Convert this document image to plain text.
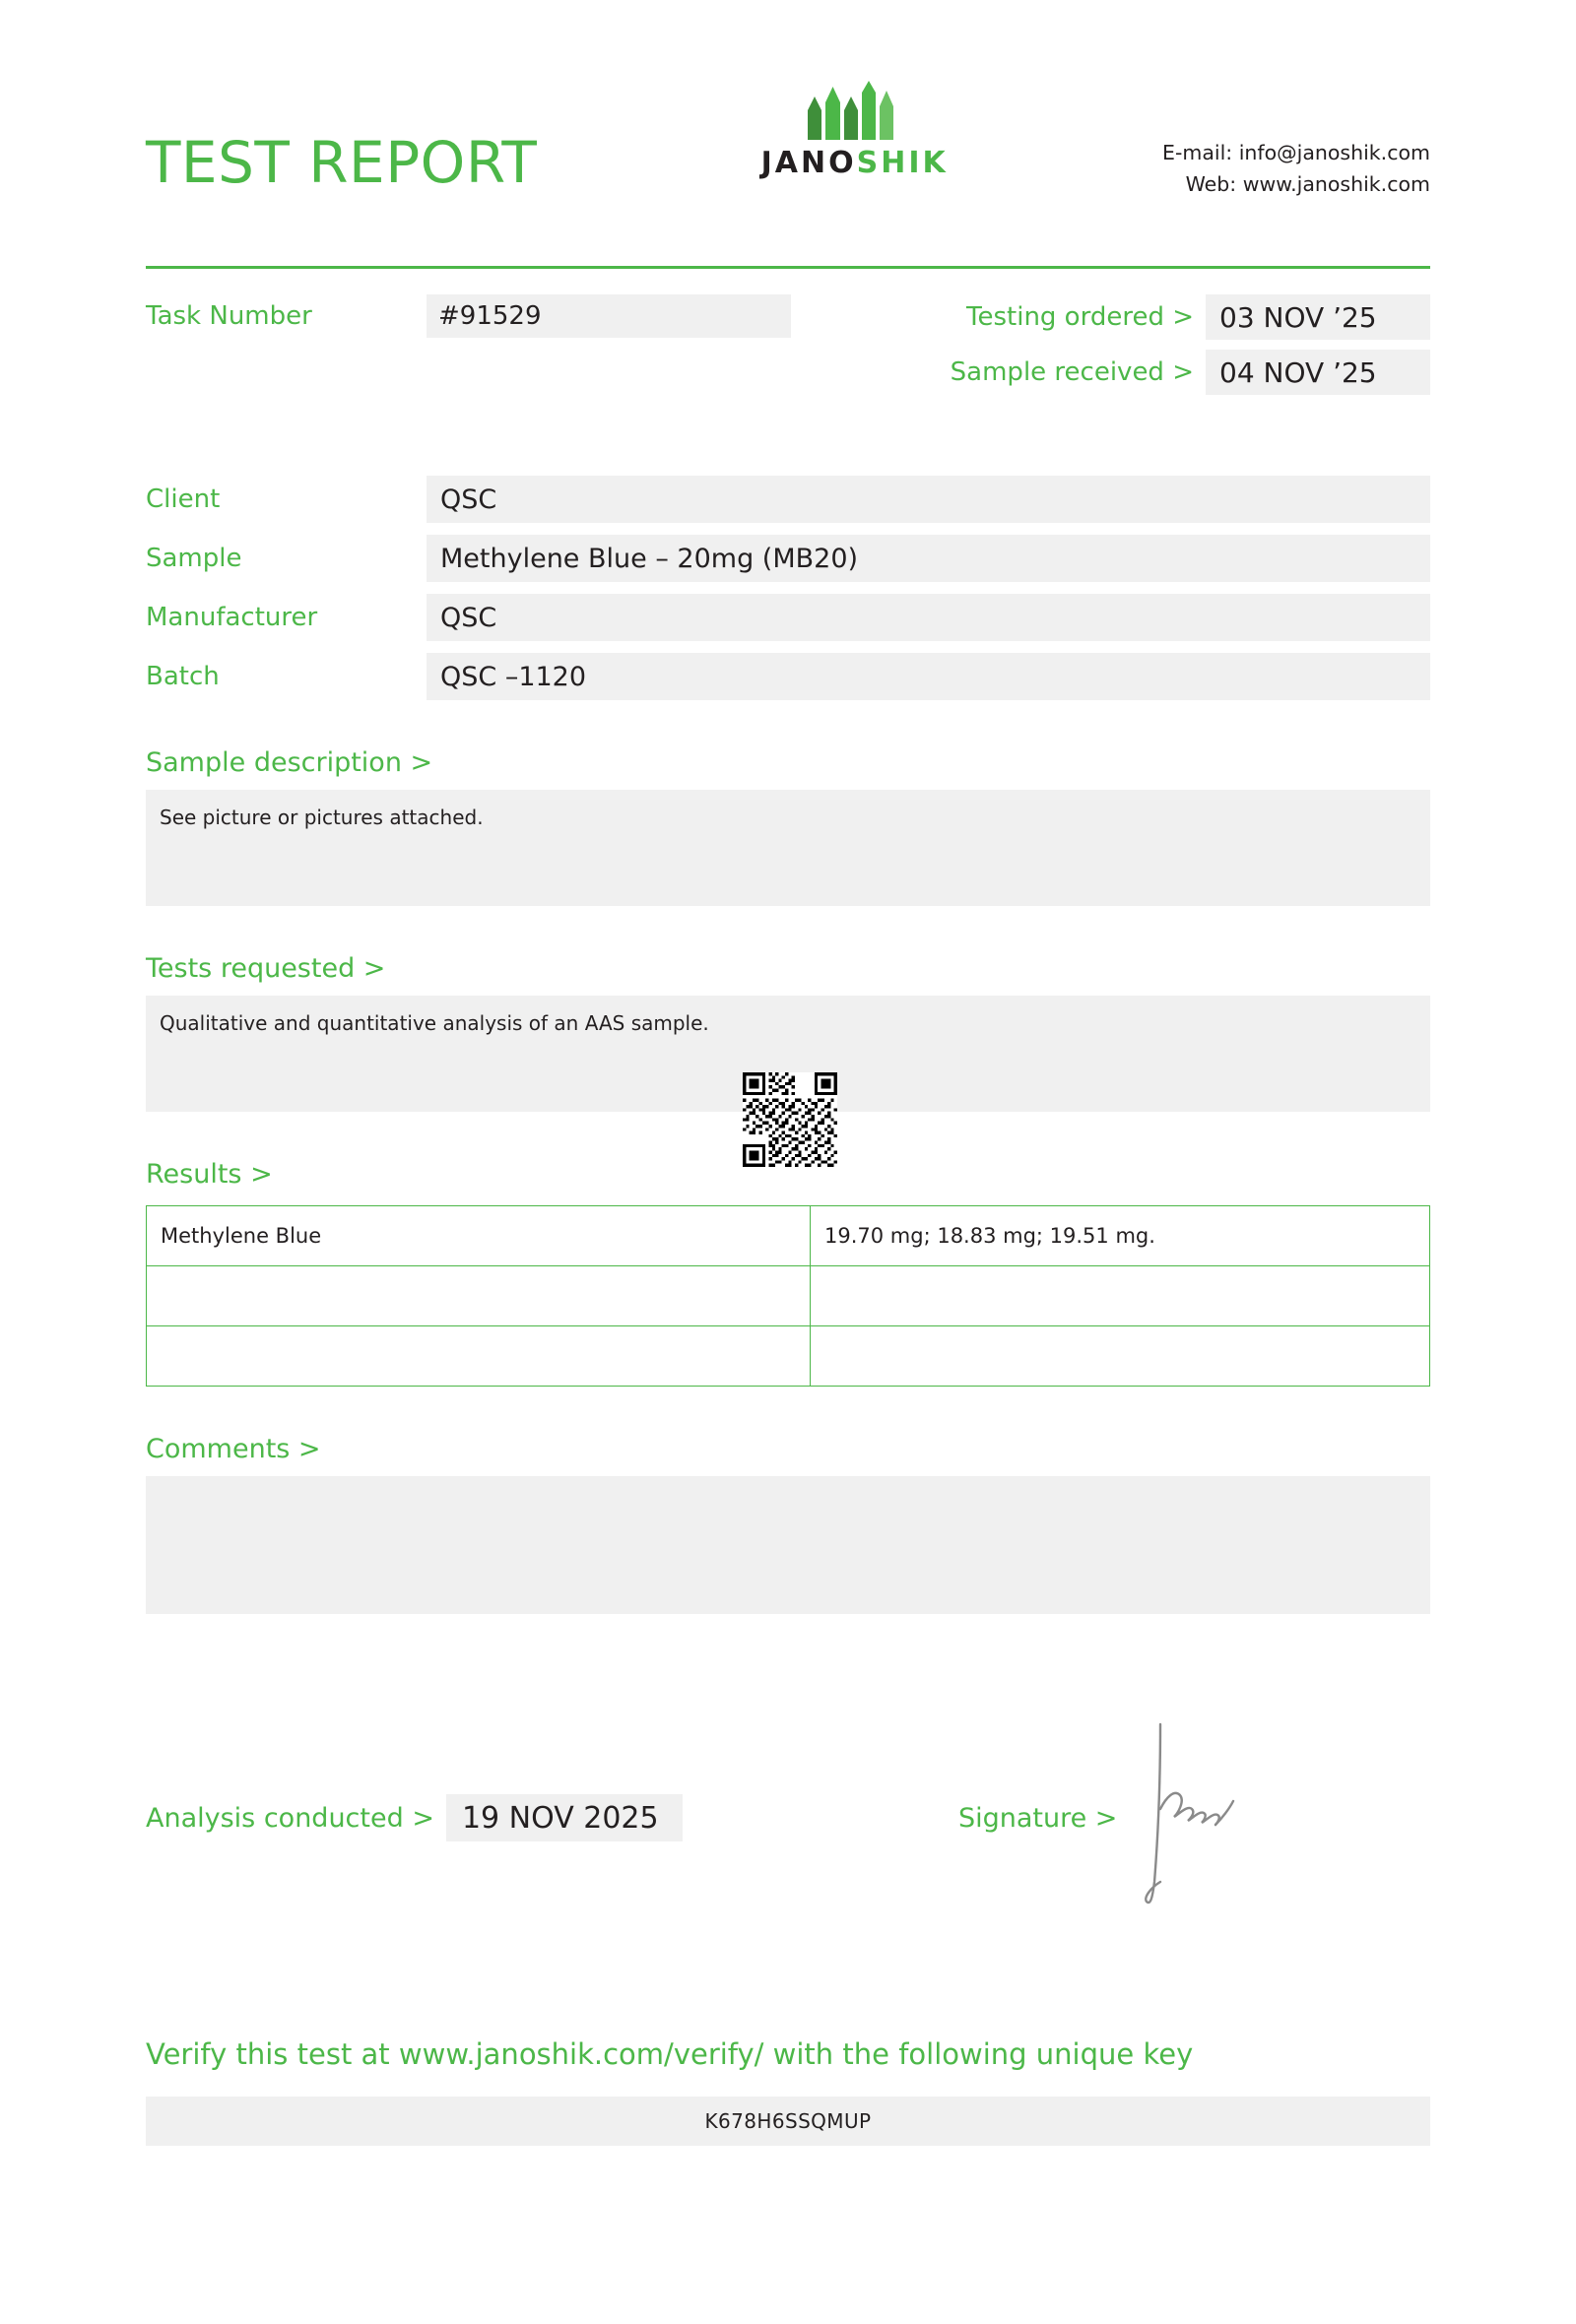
TEST REPORT	JANOSHIK	E-mail: info@janoshik.com
Web: www.janoshik.com
Task Number	#91529	Testing ordered > 03 NOV ’25
Sample received > 04 NOV ’25
Client	QSC
Sample	Methylene Blue – 20mg (MB20)
Manufacturer	QSC
Batch	QSC –1120
Sample description >
See picture or pictures attached.
Tests requested >
Qualitative and quantitative analysis of an AAS sample.
Results >
Methylene Blue	19.70 mg; 18.83 mg; 19.51 mg.

Comments >
Analysis conducted > 19 NOV 2025	Signature >
Verify this test at www.janoshik.com/verify/ with the following unique key
K678H6SSQMUP
